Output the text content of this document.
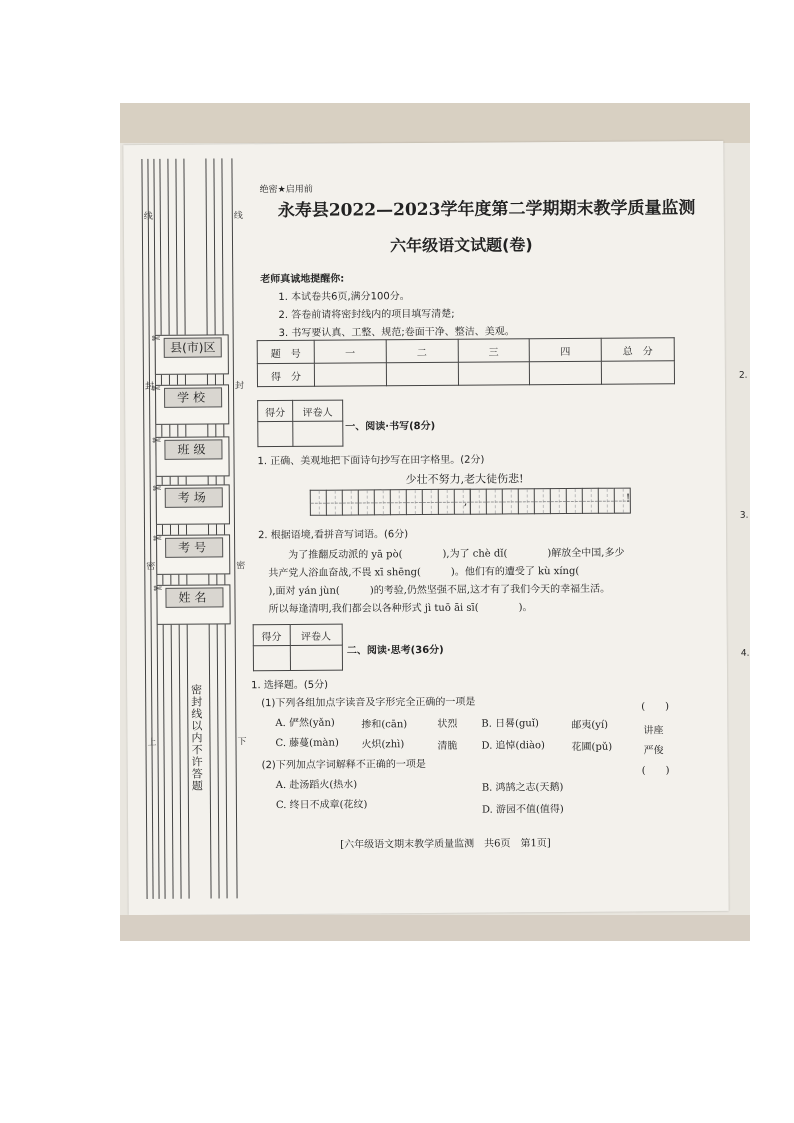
线
封
密
上
线
封
密
下
✄
县(市)区
✄
学校
✄
班级
✄
考场
✄
考号
✄
姓名
密封线以内不许答题
绝密★启用前
永寿县2022—2023学年度第二学期期末教学质量监测
六年级语文试题(卷)
老师真诚地提醒你:
1. 本试卷共6页,满分100分。
2. 答卷前请将密封线内的项目填写清楚;
3. 书写要认真、工整、规范;卷面干净、整洁、美观。
题　号	一	二	三	四	总　分
得　分					
得分	评卷人

一、阅读·书写(8分)
1. 正确、美观地把下面诗句抄写在田字格里。(2分)
少壮不努力,老大徒伤悲!
,	!
2. 根据语境,看拼音写词语。(6分)
为了推翻反动派的 yā pò(　　　　),为了 chè dǐ(　　　　)解放全中国,多少
共产党人浴血奋战,不畏 xī shēng(　　　)。他们有的遭受了 kù xíng(
),面对 yán jùn(　　　)的考验,仍然坚强不屈,这才有了我们今天的幸福生活。
所以每逢清明,我们都会以各种形式 jì tuō āi sī(　　　　)。
得分	评卷人

二、阅读·思考(36分)
1. 选择题。(5分)
(1)下列各组加点字读音及字形完全正确的一项是	(　　)
A. 俨然(yǎn)	掺和(cān)	状烈 B. 日晷(guǐ)	邮夷(yí)	讲座
C. 藤蔓(màn) 火炽(zhì)	清脆 D. 追悼(diào)	花圃(pǔ)	严俊
(2)下列加点字词解释不正确的一项是	(　　)
A. 赴汤蹈火(热水)	B. 鸿鹄之志(天鹅)
C. 终日不成章(花纹)	D. 游园不值(值得)
[六年级语文期末教学质量监测　共6页　第1页]
2.
3.
4.
